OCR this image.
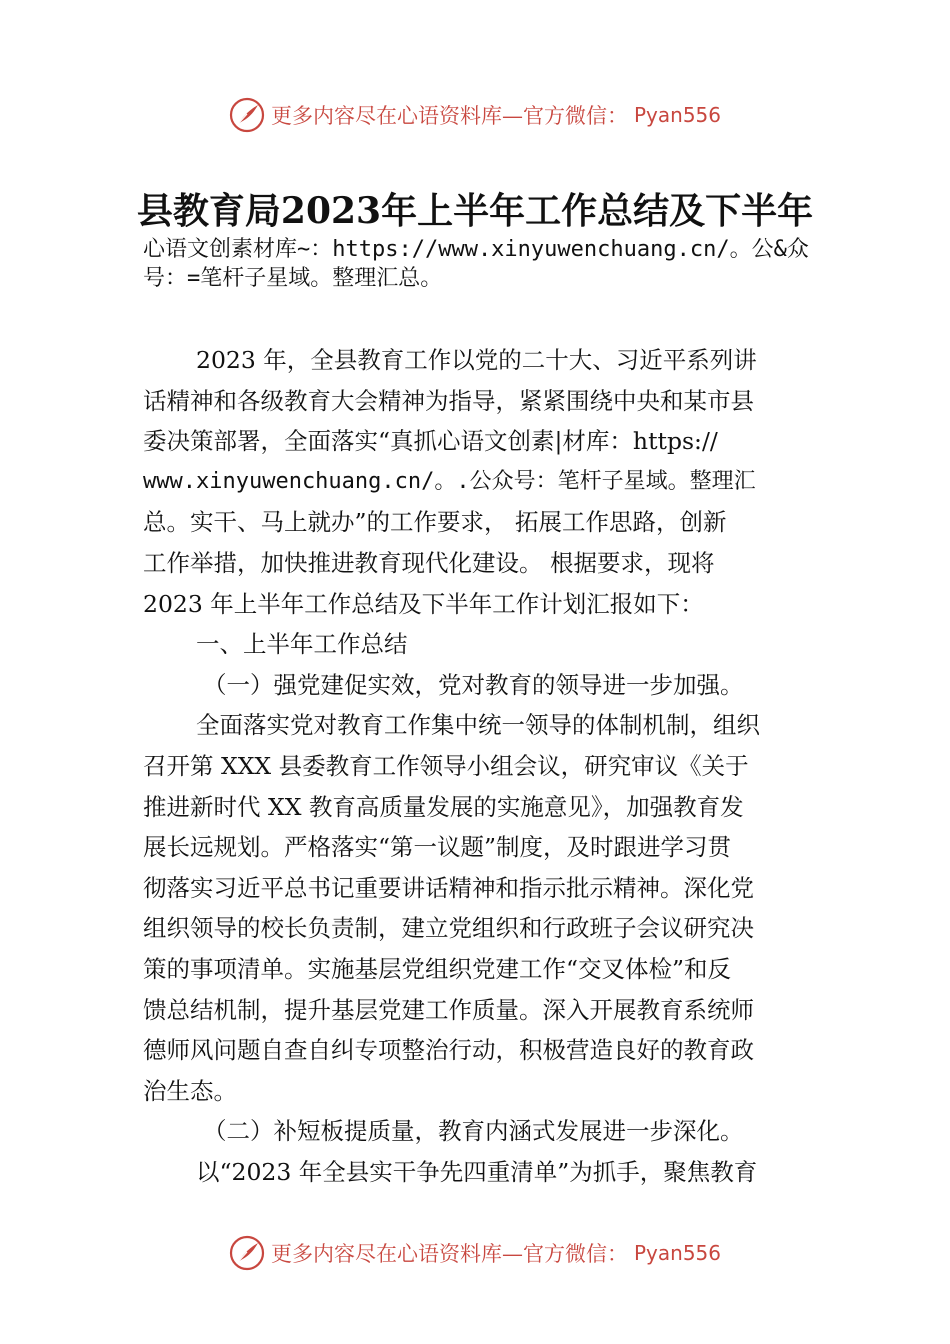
更多内容尽在心语资料库—官方微信： Pyan556
县教育局2023年上半年工作总结及下半年
心语文创素材库~：https://www.xinyuwenchuang.cn/。公&众
号：=笔杆子星域。整理汇总。

2023 年，全县教育工作以党的二十大、习近平系列讲

话精神和各级教育大会精神为指导，紧紧围绕中央和某市县

委决策部署，全面落实“真抓心语文创素|材库：https://

www.xinyuwenchuang.cn/。.公众号：笔杆子星域。整理汇

总。实干、马上就办”的工作要求， 拓展工作思路，创新

工作举措，加快推进教育现代化建设。 根据要求，现将

2023 年上半年工作总结及下半年工作计划汇报如下：

一、上半年工作总结

（一）强党建促实效，党对教育的领导进一步加强。

全面落实党对教育工作集中统一领导的体制机制，组织

召开第 XXX 县委教育工作领导小组会议，研究审议《关于

推进新时代 XX 教育高质量发展的实施意见》，加强教育发

展长远规划。严格落实“第一议题”制度，及时跟进学习贯

彻落实习近平总书记重要讲话精神和指示批示精神。深化党

组织领导的校长负责制，建立党组织和行政班子会议研究决

策的事项清单。实施基层党组织党建工作“交叉体检”和反

馈总结机制，提升基层党建工作质量。深入开展教育系统师

德师风问题自查自纠专项整治行动，积极营造良好的教育政

治生态。

（二）补短板提质量，教育内涵式发展进一步深化。

以“2023 年全县实干争先四重清单”为抓手，聚焦教育

更多内容尽在心语资料库—官方微信： Pyan556
